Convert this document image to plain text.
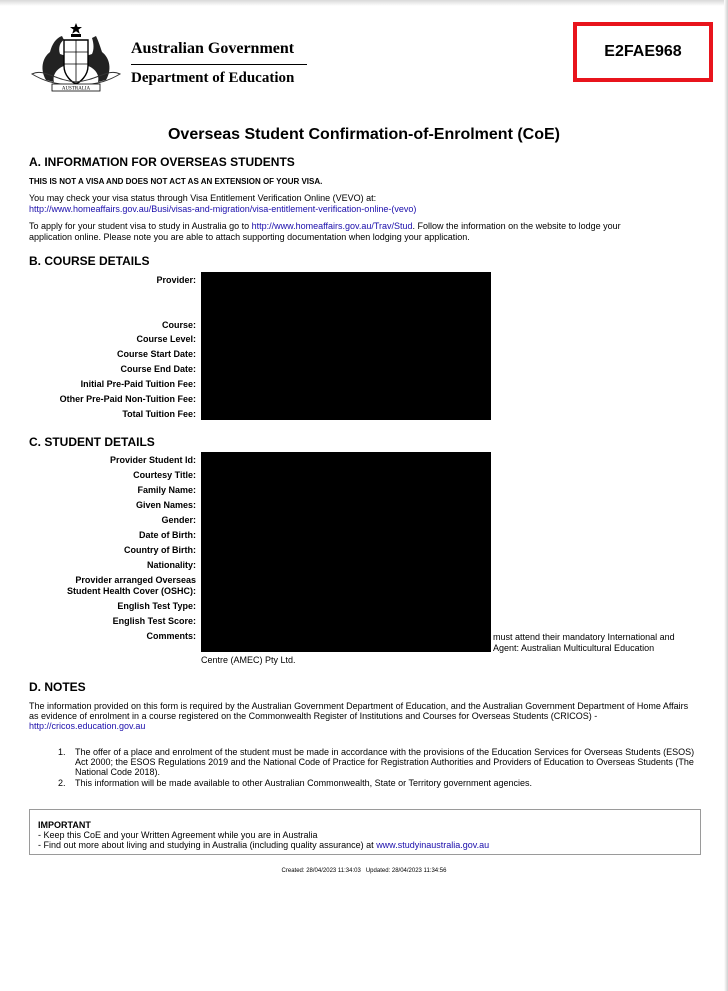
AUSTRALIA
Australian Government
Department of Education
E2FAE968
Overseas Student Confirmation-of-Enrolment (CoE)
A. INFORMATION FOR OVERSEAS STUDENTS
THIS IS NOT A VISA AND DOES NOT ACT AS AN EXTENSION OF YOUR VISA.
You may check your visa status through Visa Entitlement Verification Online (VEVO) at:
http://www.homeaffairs.gov.au/Busi/visas-and-migration/visa-entitlement-verification-online-(vevo)
To apply for your student visa to study in Australia go to http://www.homeaffairs.gov.au/Trav/Stud. Follow the information on the website to lodge your
application online. Please note you are able to attach supporting documentation when lodging your application.
B. COURSE DETAILS
Provider:
Course:
Course Level:
Course Start Date:
Course End Date:
Initial Pre-Paid Tuition Fee:
Other Pre-Paid Non-Tuition Fee:
Total Tuition Fee:
C. STUDENT DETAILS
Provider Student Id:
Courtesy Title:
Family Name:
Given Names:
Gender:
Date of Birth:
Country of Birth:
Nationality:
Provider arranged Overseas
Student Health Cover (OSHC):
English Test Type:
English Test Score:
Comments:	must attend their mandatory International and
Agent: Australian Multicultural Education
Centre (AMEC) Pty Ltd.
D. NOTES
The information provided on this form is required by the Australian Government Department of Education, and the Australian Government Department of Home Affairs as evidence of enrolment in a course registered on the Commonwealth Register of Institutions and Courses for Overseas Students (CRICOS) - http://cricos.education.gov.au
1.	The offer of a place and enrolment of the student must be made in accordance with the provisions of the Education Services for Overseas Students (ESOS) Act 2000; the ESOS Regulations 2019 and the National Code of Practice for Registration Authorities and Providers of Education to Overseas Students (The National Code 2018).
2.	This information will be made available to other Australian Commonwealth, State or Territory government agencies.
IMPORTANT
- Keep this CoE and your Written Agreement while you are in Australia
- Find out more about living and studying in Australia (including quality assurance) at www.studyinaustralia.gov.au
Created: 28/04/2023 11:34:03 Updated: 28/04/2023 11:34:56
